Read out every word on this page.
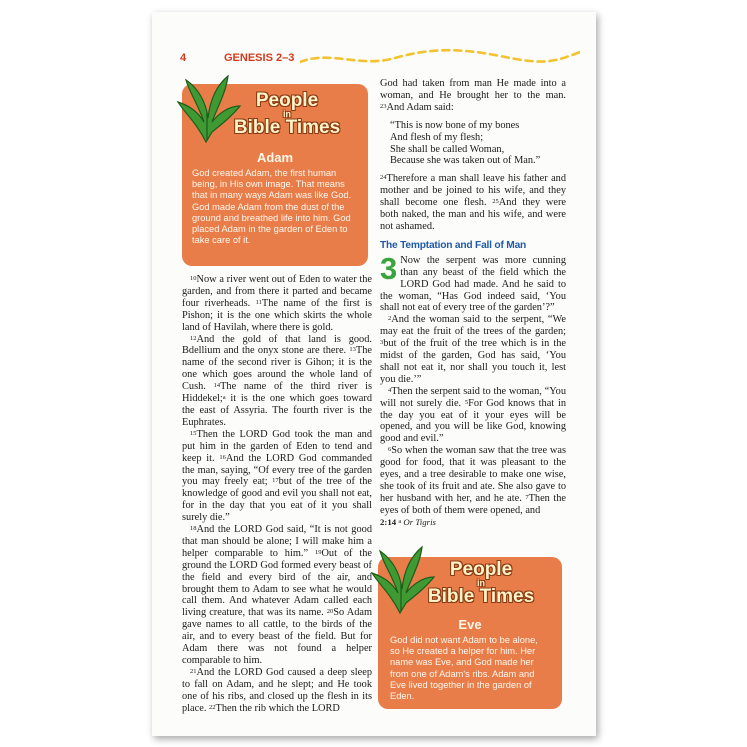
4	GENESIS 2–3
People
in
Bible Times
Adam
God created Adam, the first human being, in His own image. That means that in many ways Adam was like God. God made Adam from the dust of the ground and breathed life into him. God placed Adam in the garden of Eden to take care of it.

$^{10}$Now a river went out of Eden to water the garden, and from there it parted and became four riverheads. $^{11}$The name of the first is Pishon; it is the one which skirts the whole land of Havilah, where there is gold.

$^{12}$And the gold of that land is good. Bdellium and the onyx stone are there. $^{13}$The name of the second river is Gihon; it is the one which goes around the whole land of Cush. $^{14}$The name of the third river is Hiddekel;$^a$ it is the one which goes toward the east of Assyria. The fourth river is the Euphrates.

$^{15}$Then the LORD God took the man and put him in the garden of Eden to tend and keep it. $^{16}$And the LORD God commanded the man, saying, “Of every tree of the garden you may freely eat; $^{17}$but of the tree of the knowledge of good and evil you shall not eat, for in the day that you eat of it you shall surely die.”

$^{18}$And the LORD God said, “It is not good that man should be alone; I will make him a helper comparable to him.” $^{19}$Out of the ground the LORD God formed every beast of the field and every bird of the air, and brought them to Adam to see what he would call them. And whatever Adam called each living creature, that was its name. $^{20}$So Adam gave names to all cattle, to the birds of the air, and to every beast of the field. But for Adam there was not found a helper comparable to him.

$^{21}$And the LORD God caused a deep sleep to fall on Adam, and he slept; and He took one of his ribs, and closed up the flesh in its place. $^{22}$Then the rib which the LORD

God had taken from man He made into a woman, and He brought her to the man. $^{23}$And Adam said:

“This is now bone of my bones
And flesh of my flesh;
She shall be called Woman,
Because she was taken out of Man.”

$^{24}$Therefore a man shall leave his father and mother and be joined to his wife, and they shall become one flesh. $^{25}$And they were both naked, the man and his wife, and were not ashamed.

The Temptation and Fall of Man

3 Now the serpent was more cunning than any beast of the field which the LORD God had made. And he said to the woman, “Has God indeed said, ‘You shall not eat of every tree of the garden’?”

$^2$And the woman said to the serpent, “We may eat the fruit of the trees of the garden; $^3$but of the fruit of the tree which is in the midst of the garden, God has said, ‘You shall not eat it, nor shall you touch it, lest you die.’”

$^4$Then the serpent said to the woman, “You will not surely die. $^5$For God knows that in the day you eat of it your eyes will be opened, and you will be like God, knowing good and evil.”

$^6$So when the woman saw that the tree was good for food, that it was pleasant to the eyes, and a tree desirable to make one wise, she took of its fruit and ate. She also gave to her husband with her, and he ate. $^7$Then the eyes of both of them were opened, and

2:14 $^a$ Or Tigris

People
in
Bible Times
Eve
God did not want Adam to be alone, so He created a helper for him. Her name was Eve, and God made her from one of Adam's ribs. Adam and Eve lived together in the garden of Eden.
